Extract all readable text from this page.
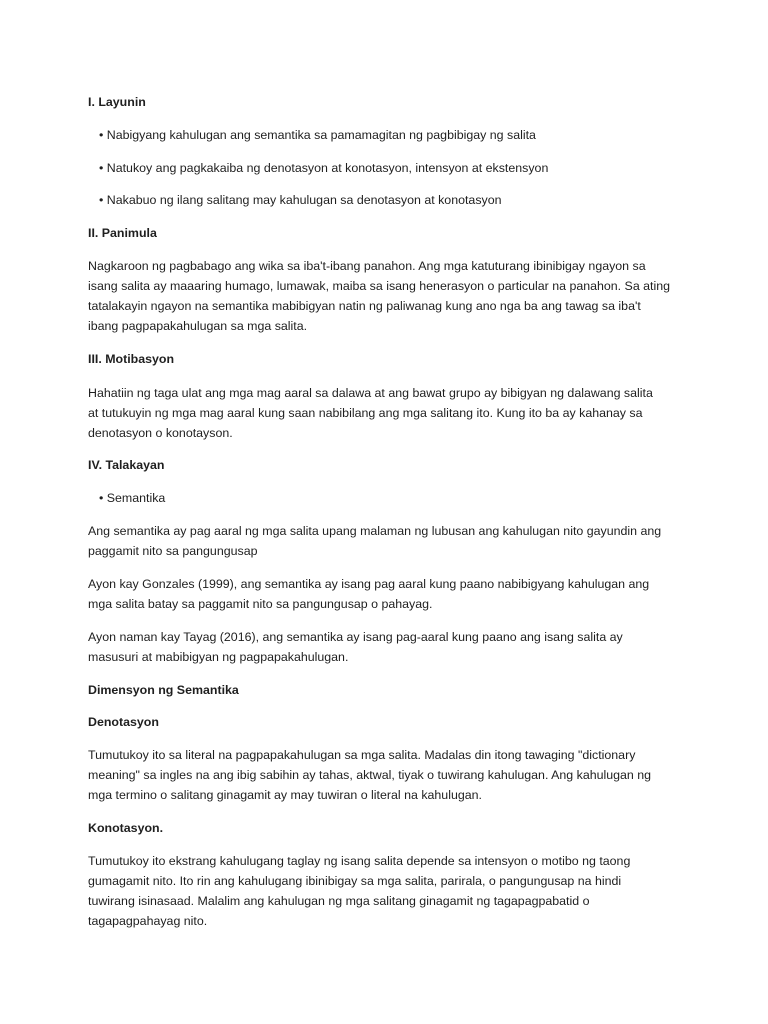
I. Layunin
• Nabigyang kahulugan ang semantika sa pamamagitan ng pagbibigay ng salita
• Natukoy ang pagkakaiba ng denotasyon at konotasyon, intensyon at ekstensyon
• Nakabuo ng ilang salitang may kahulugan sa denotasyon at konotasyon
II. Panimula
Nagkaroon ng pagbabago ang wika sa iba't-ibang panahon. Ang mga katuturang ibinibigay ngayon sa
isang salita ay maaaring humago, lumawak, maiba sa isang henerasyon o particular na panahon. Sa ating
tatalakayin ngayon na semantika mabibigyan natin ng paliwanag kung ano nga ba ang tawag sa iba't
ibang pagpapakahulugan sa mga salita.
III. Motibasyon
Hahatiin ng taga ulat ang mga mag aaral sa dalawa at ang bawat grupo ay bibigyan ng dalawang salita
at tutukuyin ng mga mag aaral kung saan nabibilang ang mga salitang ito. Kung ito ba ay kahanay sa
denotasyon o konotayson.
IV. Talakayan
• Semantika
Ang semantika ay pag aaral ng mga salita upang malaman ng lubusan ang kahulugan nito gayundin ang
paggamit nito sa pangungusap
Ayon kay Gonzales (1999), ang semantika ay isang pag aaral kung paano nabibigyang kahulugan ang
mga salita batay sa paggamit nito sa pangungusap o pahayag.
Ayon naman kay Tayag (2016), ang semantika ay isang pag-aaral kung paano ang isang salita ay
masusuri at mabibigyan ng pagpapakahulugan.
Dimensyon ng Semantika
Denotasyon
Tumutukoy ito sa literal na pagpapakahulugan sa mga salita. Madalas din itong tawaging "dictionary
meaning" sa ingles na ang ibig sabihin ay tahas, aktwal, tiyak o tuwirang kahulugan. Ang kahulugan ng
mga termino o salitang ginagamit ay may tuwiran o literal na kahulugan.
Konotasyon.
Tumutukoy ito ekstrang kahulugang taglay ng isang salita depende sa intensyon o motibo ng taong
gumagamit nito. Ito rin ang kahulugang ibinibigay sa mga salita, parirala, o pangungusap na hindi
tuwirang isinasaad. Malalim ang kahulugan ng mga salitang ginagamit ng tagapagpabatid o
tagapagpahayag nito.
